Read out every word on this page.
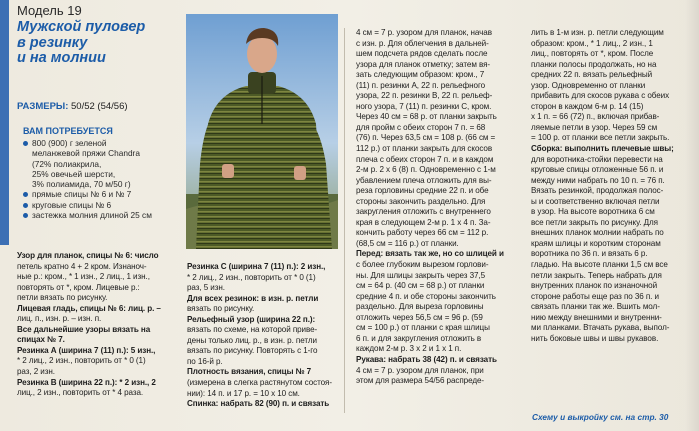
Модель 19
Мужской пуловер
в резинку
и на молнии
РАЗМЕРЫ: 50/52 (54/56)
ВАМ ПОТРЕБУЕТСЯ
800 (900) г зеленой
меланжевой пряжи Chandra
(72% полиакрила,
25% овечьей шерсти,
3% полиамида, 70 м/50 г)
прямые спицы № 6 и № 7
круговые спицы № 6
застежка молния длиной 25 см

Узор для планок, спицы № 6: число

петель кратно 4 + 2 кром. Изнаноч-

ные р.: кром., * 1 изн., 2 лиц., 1 изн.,

повторять от *, кром. Лицевые р.:

петли вязать по рисунку.

Лицевая гладь, спицы № 6: лиц. р. –

лиц. п., изн. р. – изн. п.

Все дальнейшие узоры вязать на

спицах № 7.

Резинка А (ширина 7 (11) п.): 5 изн.,

* 2 лиц., 2 изн., повторить от * 0 (1)

раз, 2 изн.

Резинка B (ширина 22 п.): * 2 изн., 2

лиц., 2 изн., повторить от * 4 раза.

Резинка C (ширина 7 (11) п.): 2 изн.,

* 2 лиц., 2 изн., повторить от * 0 (1)

раз, 5 изн.

Для всех резинок: в изн. р. петли

вязать по рисунку.

Рельефный узор (ширина 22 п.):

вязать по схеме, на которой приве-

дены только лиц. р., в изн. р. петли

вязать по рисунку. Повторять с 1-го

по 16-й р.

Плотность вязания, спицы № 7

(измерена в слегка растянутом состоя-

нии): 14 п. и 17 р. = 10 х 10 см.

Спинка: набрать 82 (90) п. и связать

4 см = 7 р. узором для планок, начав

с изн. р. Для облегчения в дальней-

шем подсчета рядов сделать после

узора для планок отметку; затем вя-

зать следующим образом: кром., 7

(11) п. резинки А, 22 п. рельефного

узора, 22 п. резинки В, 22 п. рельеф-

ного узора, 7 (11) п. резинки С, кром.

Через 40 см = 68 р. от планки закрыть

для пройм с обеих сторон 7 п. = 68

(76) п. Через 63,5 см = 108 р. (66 см =

112 р.) от планки закрыть для скосов

плеча с обеих сторон 7 п. и в каждом

2-м р. 2 х 6 (8) п. Одновременно с 1-м

убавлением плеча отложить для вы-

реза горловины средние 22 п. и обе

стороны закончить раздельно. Для

закругления отложить с внутреннего

края в следующем 2-м р. 1 х 4 п. За-

кончить работу через 66 см = 112 р.

(68,5 см = 116 р.) от планки.

Перед: вязать так же, но со шлицей и

с более глубоким вырезом горлови-

ны. Для шлицы закрыть через 37,5

см = 64 р. (40 см = 68 р.) от планки

средние 4 п. и обе стороны закончить

раздельно. Для выреза горловины

отложить через 56,5 см = 96 р. (59

см = 100 р.) от планки с края шлицы

6 п. и для закругления отложить в

каждом 2-м р. 3 х 2 и 1 х 1 п.

Рукава: набрать 38 (42) п. и связать

4 см = 7 р. узором для планок, при

этом для размера 54/56 распреде-

лить в 1-м изн. р. петли следующим

образом: кром., * 1 лиц., 2 изн., 1

лиц., повторять от *, кром. После

планки полосы продолжать, но на

средних 22 п. вязать рельефный

узор. Одновременно от планки

прибавить для скосов рукава с обеих

сторон в каждом 6-м р. 14 (15)

х 1 п. = 66 (72) п., включая прибав-

ляемые петли в узор. Через 59 см

= 100 р. от планки все петли закрыть.

Сборка: выполнить плечевые швы;

для воротника-стойки перевести на

круговые спицы отложенные 56 п. и

между ними набрать по 10 п. = 76 п.

Вязать резинкой, продолжая полос-

ы и соответственно включая петли

в узор. На высоте воротника 6 см

все петли закрыть по рисунку. Для

внешних планок молнии набрать по

краям шлицы и коротким сторонам

воротника по 36 п. и вязать 6 р.

гладью. На высоте планки 1,5 см все

петли закрыть. Теперь набрать для

внутренних планок по изнаночной

стороне работы еще раз по 36 п. и

связать планки так же. Вшить мол-

нию между внешними и внутренни-

ми планками. Втачать рукава, выпол-

нить боковые швы и швы рукавов.

Схему и выкройку см. на стр. 30
